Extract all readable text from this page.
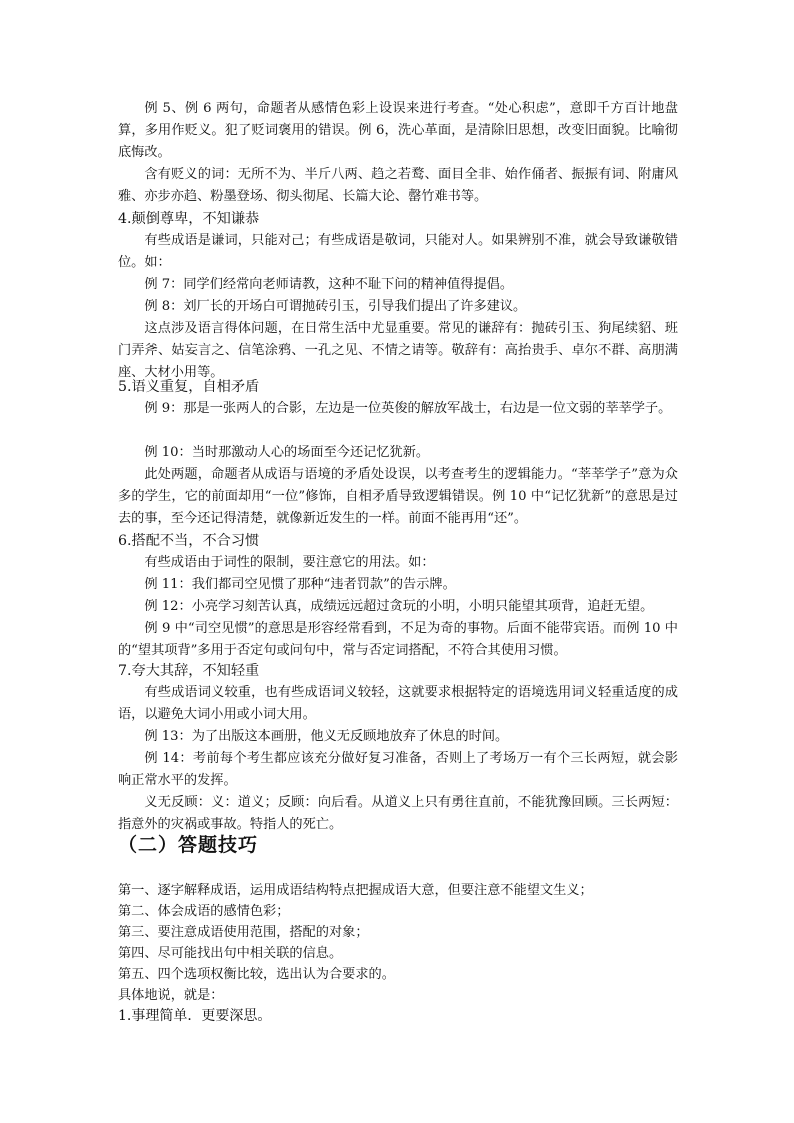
例 5、例 6 两句，命题者从感情色彩上设误来进行考查。“处心积虑”，意即千方百计地盘算，多用作贬义。犯了贬词褒用的错误。例 6，洗心革面，是清除旧思想，改变旧面貌。比喻彻底悔改。

含有贬义的词：无所不为、半斤八两、趋之若鹜、面目全非、始作俑者、振振有词、附庸风雅、亦步亦趋、粉墨登场、彻头彻尾、长篇大论、罄竹难书等。

4.颠倒尊卑，不知谦恭

有些成语是谦词，只能对己；有些成语是敬词，只能对人。如果辨别不准，就会导致谦敬错位。如：

例 7：同学们经常向老师请教，这种不耻下问的精神值得提倡。

例 8：刘厂长的开场白可谓抛砖引玉，引导我们提出了许多建议。

这点涉及语言得体问题，在日常生活中尤显重要。常见的谦辞有：抛砖引玉、狗尾续貂、班门弄斧、姑妄言之、信笔涂鸦、一孔之见、不情之请等。敬辞有：高抬贵手、卓尔不群、高朋满座、大材小用等。

5.语义重复，自相矛盾

例 9：那是一张两人的合影，左边是一位英俊的解放军战士，右边是一位文弱的莘莘学子。

例 10：当时那激动人心的场面至今还记忆犹新。

此处两题，命题者从成语与语境的矛盾处设误，以考查考生的逻辑能力。“莘莘学子”意为众多的学生，它的前面却用“一位”修饰，自相矛盾导致逻辑错误。例 10 中“记忆犹新”的意思是过去的事，至今还记得清楚，就像新近发生的一样。前面不能再用“还”。

6.搭配不当，不合习惯

有些成语由于词性的限制，要注意它的用法。如：

例 11：我们都司空见惯了那种“违者罚款”的告示牌。

例 12：小亮学习刻苦认真，成绩远远超过贪玩的小明，小明只能望其项背，追赶无望。

例 9 中“司空见惯”的意思是形容经常看到，不足为奇的事物。后面不能带宾语。而例 10 中的“望其项背”多用于否定句或问句中，常与否定词搭配，不符合其使用习惯。

7.夸大其辞，不知轻重

有些成语词义较重，也有些成语词义较轻，这就要求根据特定的语境选用词义轻重适度的成语，以避免大词小用或小词大用。

例 13：为了出版这本画册，他义无反顾地放弃了休息的时间。

例 14：考前每个考生都应该充分做好复习准备，否则上了考场万一有个三长两短，就会影响正常水平的发挥。

义无反顾：义：道义；反顾：向后看。从道义上只有勇往直前，不能犹豫回顾。三长两短：指意外的灾祸或事故。特指人的死亡。

（二）答题技巧

第一、逐字解释成语，运用成语结构特点把握成语大意，但要注意不能望文生义；

第二、体会成语的感情色彩；

第三、要注意成语使用范围，搭配的对象；

第四、尽可能找出句中相关联的信息。

第五、四个选项权衡比较，选出认为合要求的。

具体地说，就是：

1.事理简单．更要深思。
